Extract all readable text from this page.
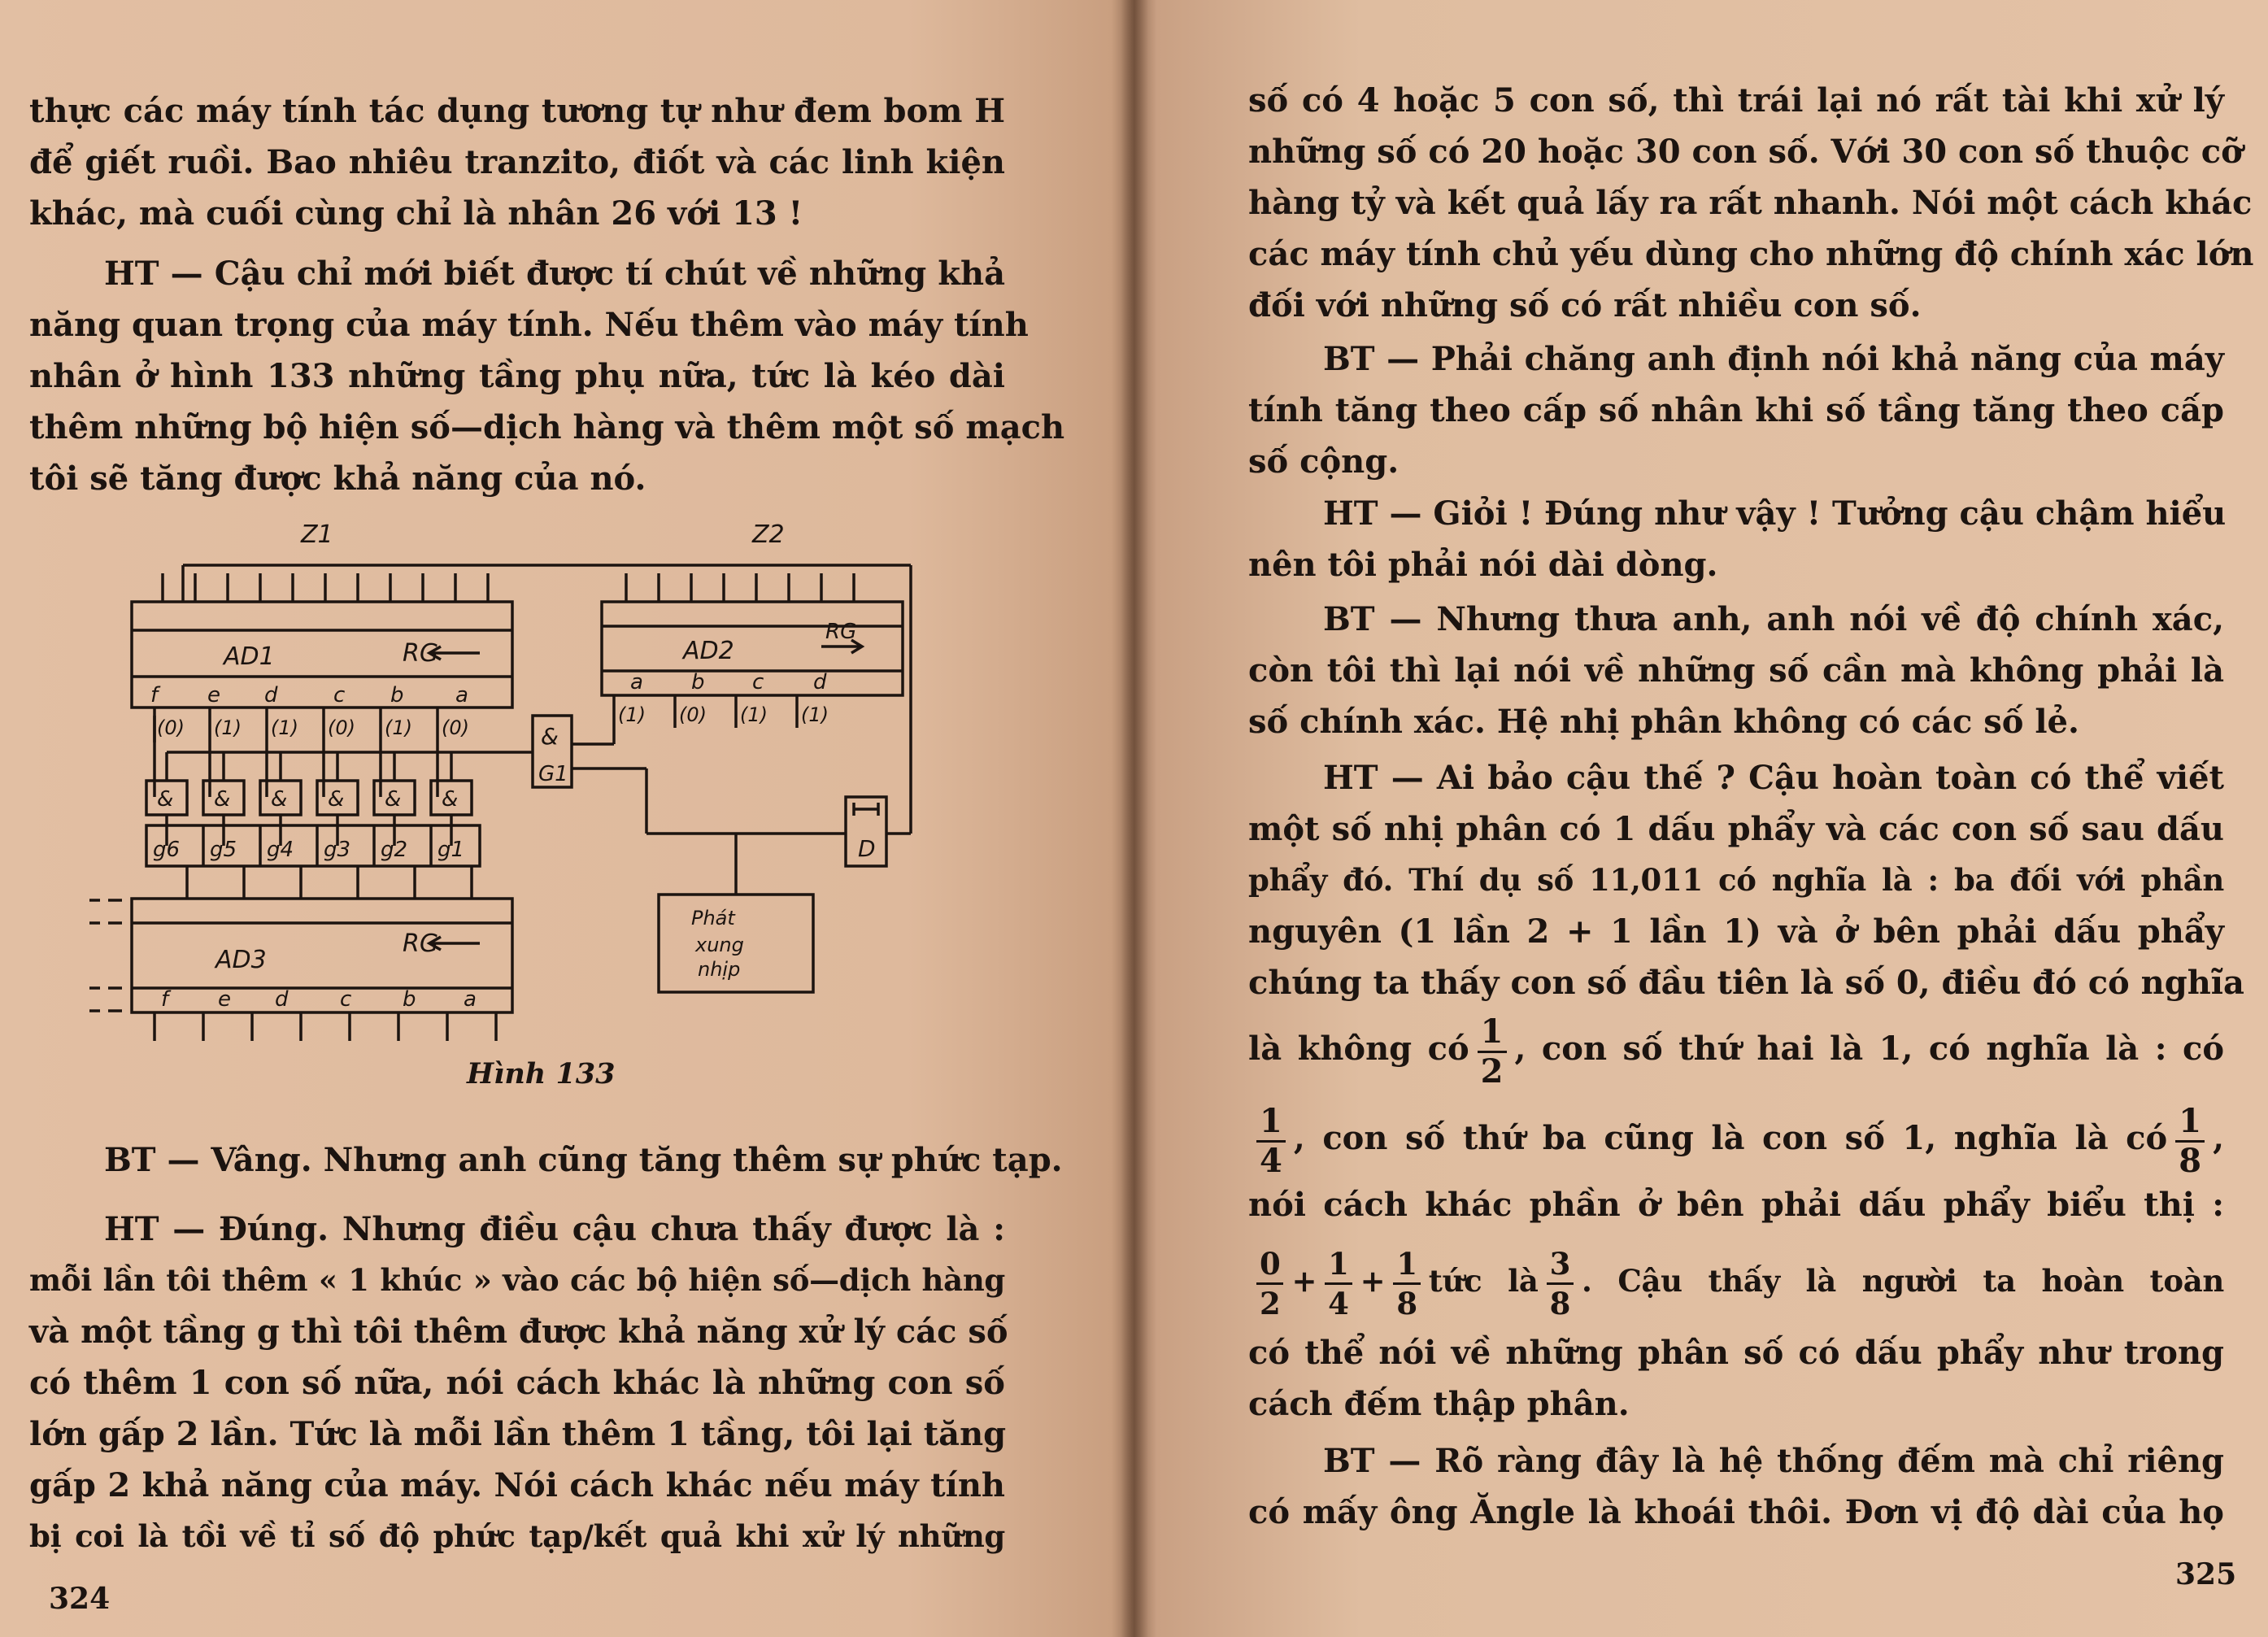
thực các máy tính tác dụng tương tự như đem bom H
để giết ruồi. Bao nhiêu tranzito, điốt và các linh kiện
khác, mà cuối cùng chỉ là nhân 26 với 13 !
HT — Cậu chỉ mới biết được tí chút về những khả
năng quan trọng của máy tính. Nếu thêm vào máy tính
nhân ở hình 133 những tầng phụ nữa, tức là kéo dài
thêm những bộ hiện số—dịch hàng và thêm một số mạch
tôi sẽ tăng được khả năng của nó.
Z1	Z2
AD1	RG	AD2
RG
AD3
RG
&
G1
D
Phát
xung
nhịp
f e d	c b a
(0) (1) (1) (0) (1) (0)
& & & & & &
g6 g5 g4 g3 g2 g1
a b c d
(1) (0) (1) (1)
f e d c b a
Hình 133
BT — Vâng. Nhưng anh cũng tăng thêm sự phức tạp.
HT — Đúng. Nhưng điều cậu chưa thấy được là :
mỗi lần tôi thêm « 1 khúc » vào các bộ hiện số—dịch hàng
và một tầng g thì tôi thêm được khả năng xử lý các số
có thêm 1 con số nữa, nói cách khác là những con số
lớn gấp 2 lần. Tức là mỗi lần thêm 1 tầng, tôi lại tăng
gấp 2 khả năng của máy. Nói cách khác nếu máy tính
bị coi là tồi về tỉ số độ phức tạp/kết quả khi xử lý những
324
số có 4 hoặc 5 con số, thì trái lại nó rất tài khi xử lý
những số có 20 hoặc 30 con số. Với 30 con số thuộc cỡ
hàng tỷ và kết quả lấy ra rất nhanh. Nói một cách khác
các máy tính chủ yếu dùng cho những độ chính xác lớn
đối với những số có rất nhiều con số.
BT — Phải chăng anh định nói khả năng của máy
tính tăng theo cấp số nhân khi số tầng tăng theo cấp
số cộng.
HT — Giỏi ! Đúng như vậy ! Tưởng cậu chậm hiểu
nên tôi phải nói dài dòng.
BT — Nhưng thưa anh, anh nói về độ chính xác,
còn tôi thì lại nói về những số cần mà không phải là
số chính xác. Hệ nhị phân không có các số lẻ.
HT — Ai bảo cậu thế ? Cậu hoàn toàn có thể viết
một số nhị phân có 1 dấu phẩy và các con số sau dấu
phẩy đó. Thí dụ số 11,011 có nghĩa là : ba đối với phần
nguyên (1 lần 2 + 1 lần 1) và ở bên phải dấu phẩy
chúng ta thấy con số đầu tiên là số 0, điều đó có nghĩa
là không có $\frac{1}{2}$ , con số thứ hai là 1, có nghĩa là : có
$\frac{1}{4}$ , con số thứ ba cũng là con số 1, nghĩa là có $\frac{1}{8}$ ,
nói cách khác phần ở bên phải dấu phẩy biểu thị :
$\frac{0}{2} + \frac{1}{4} + \frac{1}{8}$ tức là $\frac{3}{8}$ . Cậu thấy là người ta hoàn toàn
có thể nói về những phân số có dấu phẩy như trong
cách đếm thập phân.
BT — Rõ ràng đây là hệ thống đếm mà chỉ riêng
có mấy ông Ăngle là khoái thôi. Đơn vị độ dài của họ
325
